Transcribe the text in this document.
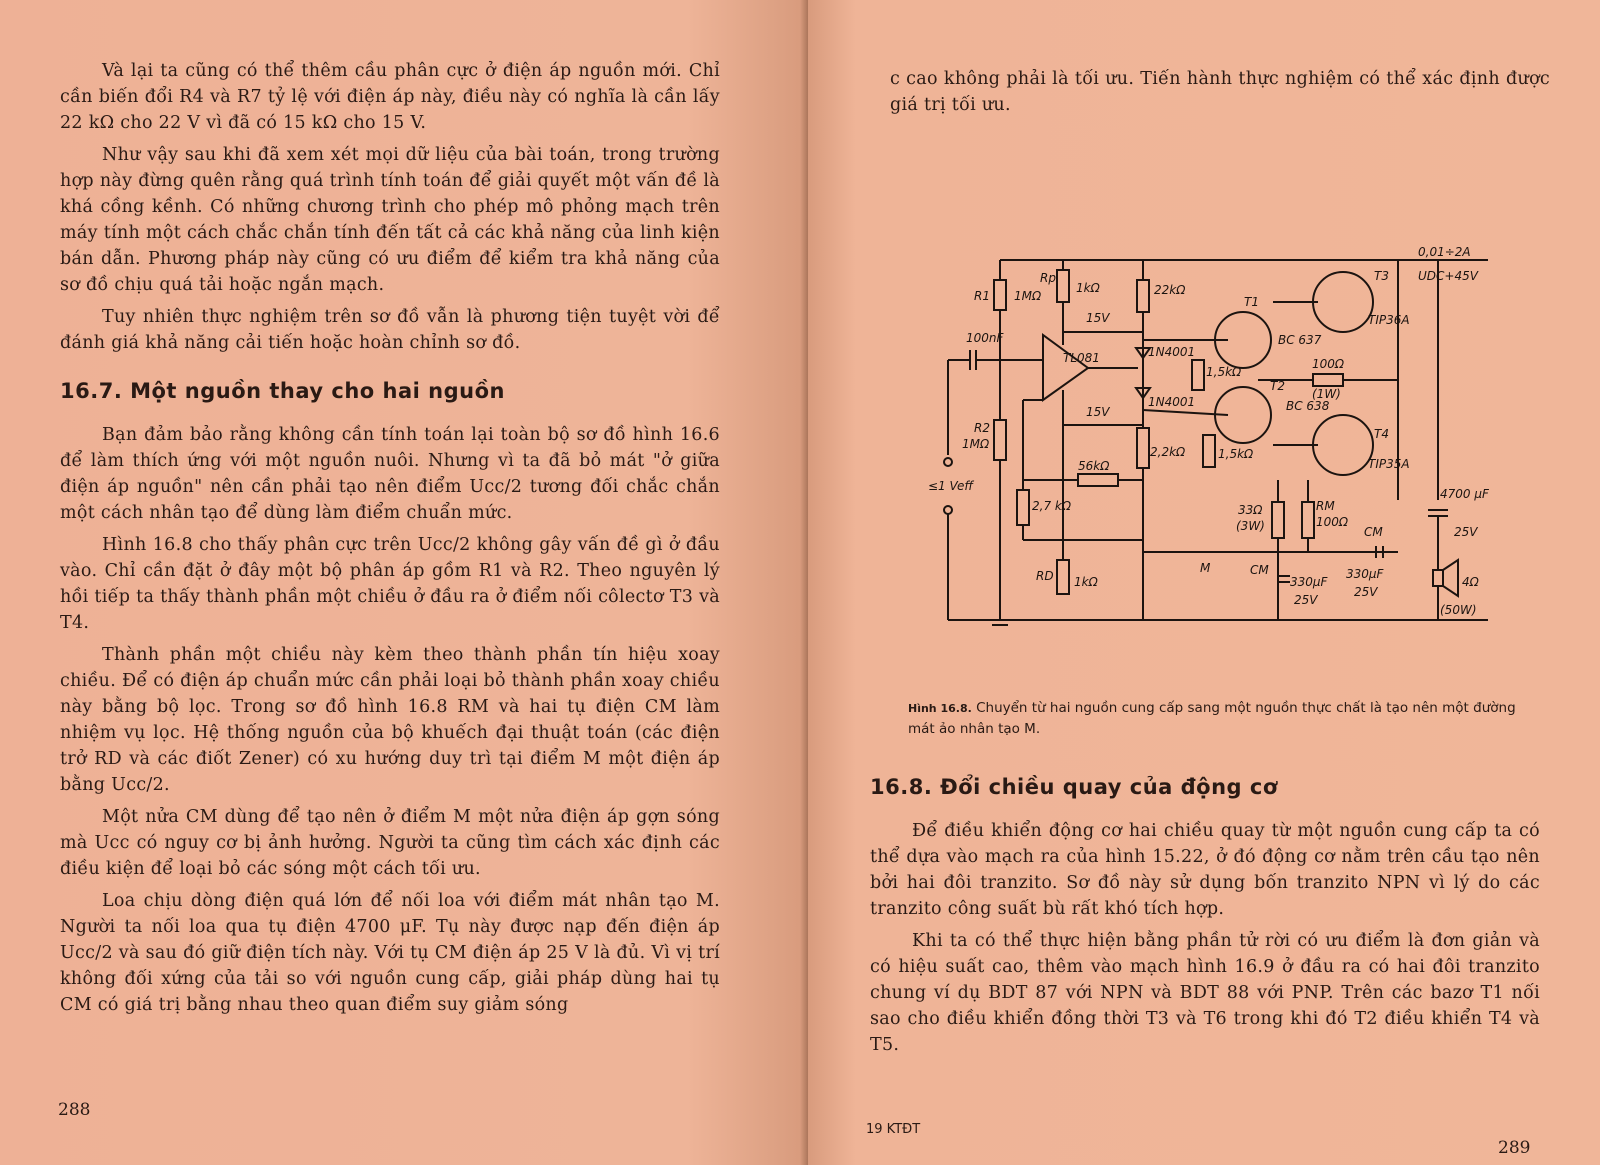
Và lại ta cũng có thể thêm cầu phân cực ở điện áp nguồn mới. Chỉ cần biến đổi R4 và R7 tỷ lệ với điện áp này, điều này có nghĩa là cần lấy 22 kΩ cho 22 V vì đã có 15 kΩ cho 15 V.

Như vậy sau khi đã xem xét mọi dữ liệu của bài toán, trong trường hợp này đừng quên rằng quá trình tính toán để giải quyết một vấn đề là khá cồng kềnh. Có những chương trình cho phép mô phỏng mạch trên máy tính một cách chắc chắn tính đến tất cả các khả năng của linh kiện bán dẫn. Phương pháp này cũng có ưu điểm để kiểm tra khả năng của sơ đồ chịu quá tải hoặc ngắn mạch.

Tuy nhiên thực nghiệm trên sơ đồ vẫn là phương tiện tuyệt vời để đánh giá khả năng cải tiến hoặc hoàn chỉnh sơ đồ.

16.7. Một nguồn thay cho hai nguồn

Bạn đảm bảo rằng không cần tính toán lại toàn bộ sơ đồ hình 16.6 để làm thích ứng với một nguồn nuôi. Nhưng vì ta đã bỏ mát "ở giữa điện áp nguồn" nên cần phải tạo nên điểm Ucc/2 tương đối chắc chắn một cách nhân tạo để dùng làm điểm chuẩn mức.

Hình 16.8 cho thấy phân cực trên Ucc/2 không gây vấn đề gì ở đầu vào. Chỉ cần đặt ở đây một bộ phân áp gồm R1 và R2. Theo nguyên lý hồi tiếp ta thấy thành phần một chiều ở đầu ra ở điểm nối côlectơ T3 và T4.

Thành phần một chiều này kèm theo thành phần tín hiệu xoay chiều. Để có điện áp chuẩn mức cần phải loại bỏ thành phần xoay chiều này bằng bộ lọc. Trong sơ đồ hình 16.8 RM và hai tụ điện CM làm nhiệm vụ lọc. Hệ thống nguồn của bộ khuếch đại thuật toán (các điện trở RD và các điốt Zener) có xu hướng duy trì tại điểm M một điện áp bằng Ucc/2.

Một nửa CM dùng để tạo nên ở điểm M một nửa điện áp gợn sóng mà Ucc có nguy cơ bị ảnh hưởng. Người ta cũng tìm cách xác định các điều kiện để loại bỏ các sóng một cách tối ưu.

Loa chịu dòng điện quá lớn để nối loa với điểm mát nhân tạo M. Người ta nối loa qua tụ điện 4700 μF. Tụ này được nạp đến điện áp Ucc/2 và sau đó giữ điện tích này. Với tụ CM điện áp 25 V là đủ. Vì vị trí không đối xứng của tải so với nguồn cung cấp, giải pháp dùng hai tụ CM có giá trị bằng nhau theo quan điểm suy giảm sóng

288

c cao không phải là tối ưu. Tiến hành thực nghiệm có thể xác định được giá trị tối ưu.

0,01÷2A
UDC+45V
R1 1MΩ
Rp
1kΩ	22kΩ
100nF
15V
TL081	1N4001
1N4001
15V
R2
1MΩ
≤1 Veff
2,7 kΩ
56kΩ
2,2kΩ
1,5kΩ
1,5kΩ
T1
BC 637
T2
BC 638
T3
TIP36A
T4
TIP35A
100Ω
(1W)
33Ω
(3W)
RM
100Ω
RD 1kΩ
M	CM
330μF
25V
CM
330μF
25V
4700 μF
25V
4Ω
(50W)
Hình 16.8. Chuyển từ hai nguồn cung cấp sang một nguồn thực chất là tạo nên một đường mát ảo nhân tạo M.
16.8. Đổi chiều quay của động cơ

Để điều khiển động cơ hai chiều quay từ một nguồn cung cấp ta có thể dựa vào mạch ra của hình 15.22, ở đó động cơ nằm trên cầu tạo nên bởi hai đôi tranzito. Sơ đồ này sử dụng bốn tranzito NPN vì lý do các tranzito công suất bù rất khó tích hợp.

Khi ta có thể thực hiện bằng phần tử rời có ưu điểm là đơn giản và có hiệu suất cao, thêm vào mạch hình 16.9 ở đầu ra có hai đôi tranzito chung ví dụ BDT 87 với NPN và BDT 88 với PNP. Trên các bazơ T1 nối sao cho điều khiển đồng thời T3 và T6 trong khi đó T2 điều khiển T4 và T5.

19 KTĐT
289
